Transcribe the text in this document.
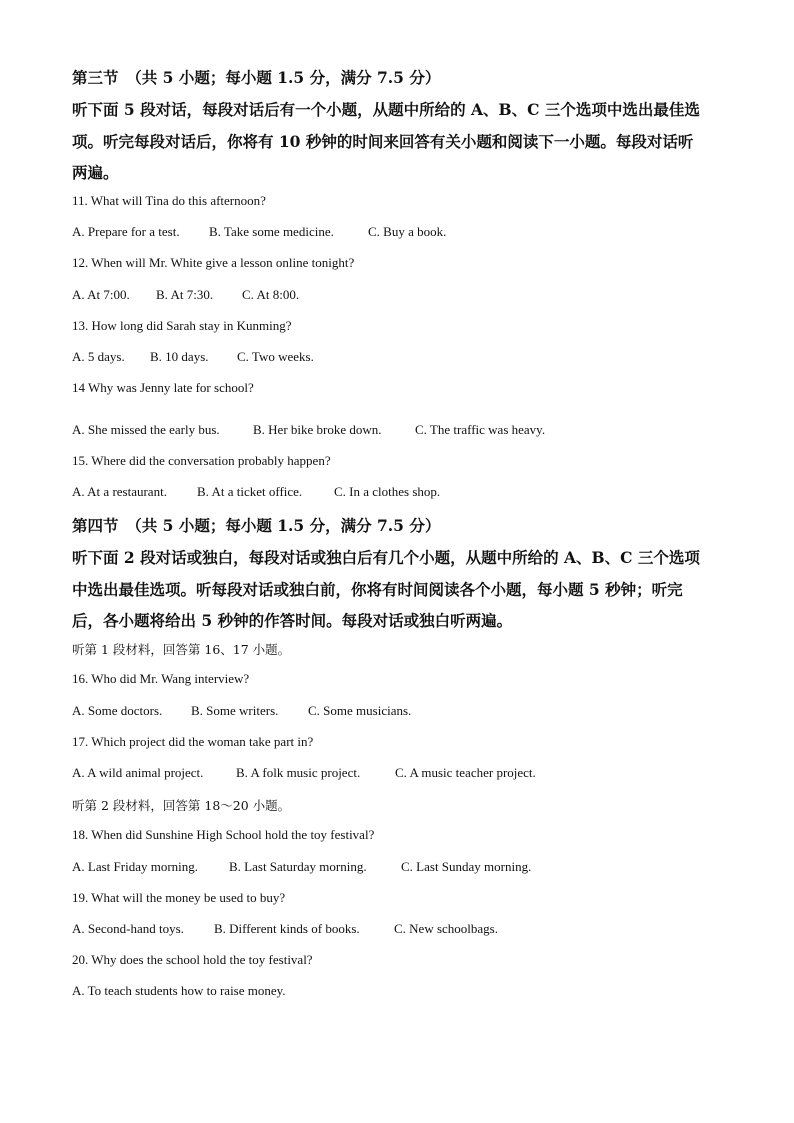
第三节　（共 5 小题；每小题 1.5 分，满分 7.5 分）
听下面 5 段对话，每段对话后有一个小题，从题中所给的 A、B、C 三个选项中选出最佳选
项。听完每段对话后，你将有 10 秒钟的时间来回答有关小题和阅读下一小题。每段对话听
两遍。
11. What will Tina do this afternoon?
A. Prepare for a test. B. Take some medicine.	C. Buy a book.
12. When will Mr. White give a lesson online tonight?
A. At 7:00. B. At 7:30. C. At 8:00.
13. How long did Sarah stay in Kunming?
A. 5 days. B. 10 days. C. Two weeks.
14 Why was Jenny late for school?
A. She missed the early bus.	B. Her bike broke down.	C. The traffic was heavy.
15. Where did the conversation probably happen?
A. At a restaurant. B. At a ticket office. C. In a clothes shop.
第四节　（共 5 小题；每小题 1.5 分，满分 7.5 分）
听下面 2 段对话或独白，每段对话或独白后有几个小题，从题中所给的 A、B、C 三个选项
中选出最佳选项。听每段对话或独白前，你将有时间阅读各个小题，每小题 5 秒钟；听完
后，各小题将给出 5 秒钟的作答时间。每段对话或独白听两遍。
听第 1 段材料，回答第 16、17 小题。
16. Who did Mr. Wang interview?
A. Some doctors. B. Some writers. C. Some musicians.
17. Which project did the woman take part in?
A. A wild animal project.	B. A folk music project.	C. A music teacher project.
听第 2 段材料，回答第 18～20 小题。
18. When did Sunshine High School hold the toy festival?
A. Last Friday morning. B. Last Saturday morning.	C. Last Sunday morning.
19. What will the money be used to buy?
A. Second-hand toys. B. Different kinds of books.	C. New schoolbags.
20. Why does the school hold the toy festival?
A. To teach students how to raise money.
